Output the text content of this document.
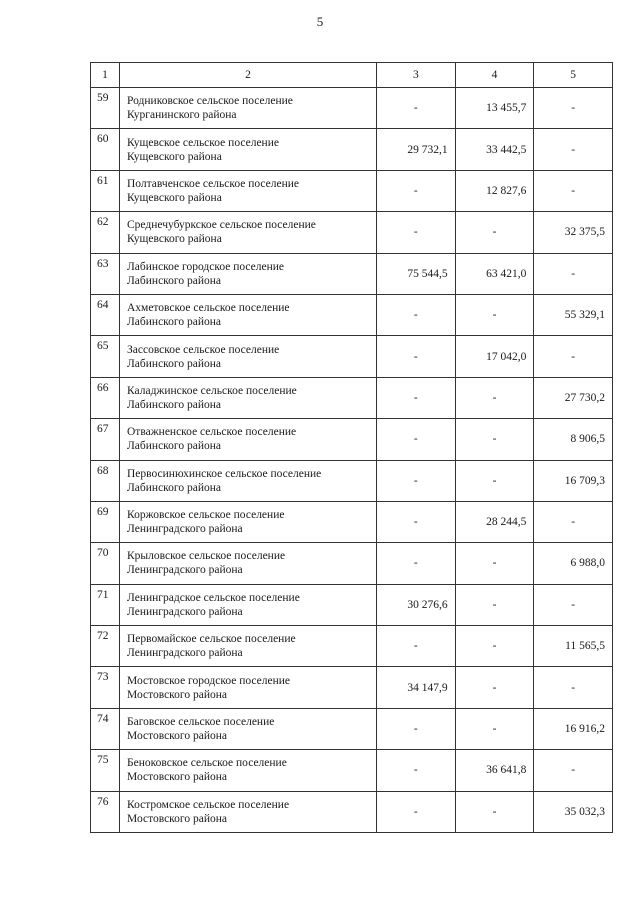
5
1	2	3	4	5
59	Родниковское сельское поселение
Курганинского района	-	13 455,7	-
60	Кущевское сельское поселение
Кущевского района	29 732,1	33 442,5	-
61	Полтавченское сельское поселение
Кущевского района	-	12 827,6	-
62	Среднечубуркское сельское поселение
Кущевского района	-	-	32 375,5
63	Лабинское городское поселение
Лабинского района	75 544,5	63 421,0	-
64	Ахметовское сельское поселение
Лабинского района	-	-	55 329,1
65	Зассовское сельское поселение
Лабинского района	-	17 042,0	-
66	Каладжинское сельское поселение
Лабинского района	-	-	27 730,2
67	Отважненское сельское поселение
Лабинского района	-	-	8 906,5
68	Первосинюхинское сельское поселение
Лабинского района	-	-	16 709,3
69	Коржовское сельское поселение
Ленинградского района	-	28 244,5	-
70	Крыловское сельское поселение
Ленинградского района	-	-	6 988,0
71	Ленинградское сельское поселение
Ленинградского района	30 276,6	-	-
72	Первомайское сельское поселение
Ленинградского района	-	-	11 565,5
73	Мостовское городское поселение
Мостовского района	34 147,9	-	-
74	Баговское сельское поселение
Мостовского района	-	-	16 916,2
75	Беноковское сельское поселение
Мостовского района	-	36 641,8	-
76	Костромское сельское поселение
Мостовского района	-	-	35 032,3
